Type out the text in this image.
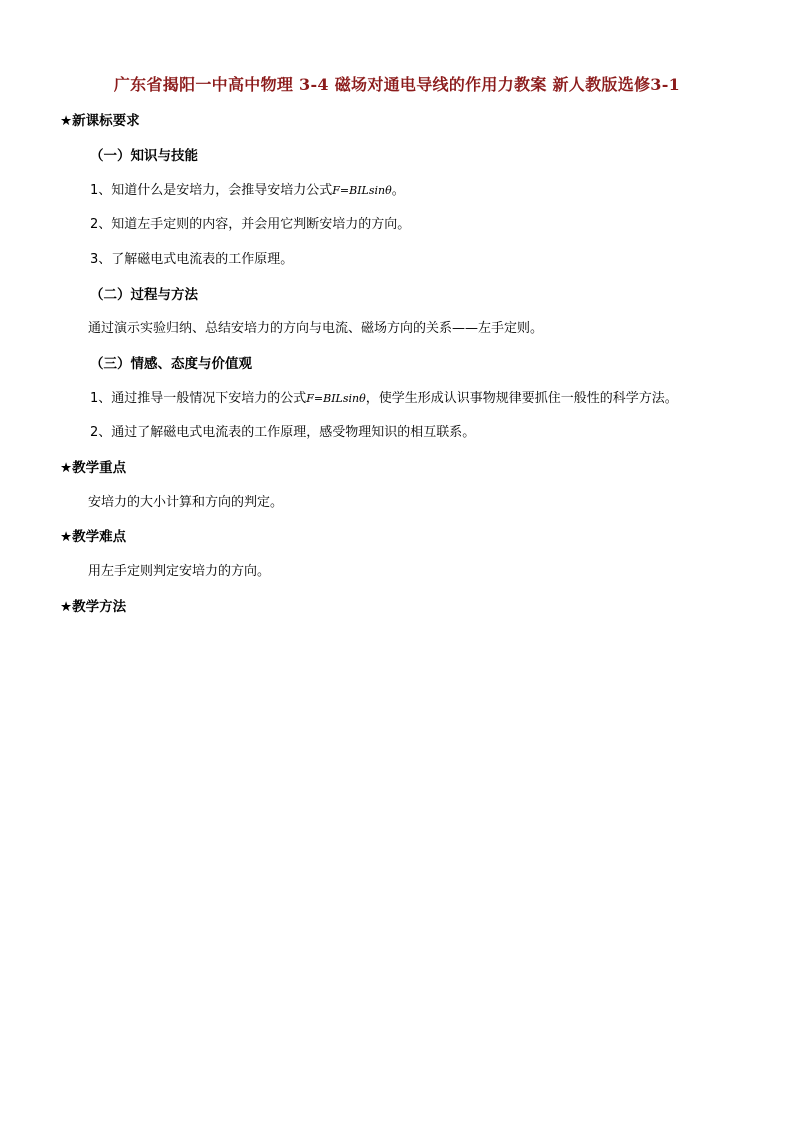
广东省揭阳一中高中物理 3-4 磁场对通电导线的作用力教案 新人教版选修3-1
★新课标要求
（一）知识与技能
1、知道什么是安培力，会推导安培力公式F=BILsinθ。
2、知道左手定则的内容，并会用它判断安培力的方向。
3、了解磁电式电流表的工作原理。
（二）过程与方法
通过演示实验归纳、总结安培力的方向与电流、磁场方向的关系——左手定则。
（三）情感、态度与价值观
1、通过推导一般情况下安培力的公式F=BILsinθ，使学生形成认识事物规律要抓住一般性的科学方法。
2、通过了解磁电式电流表的工作原理，感受物理知识的相互联系。
★教学重点
安培力的大小计算和方向的判定。
★教学难点
用左手定则判定安培力的方向。
★教学方法
